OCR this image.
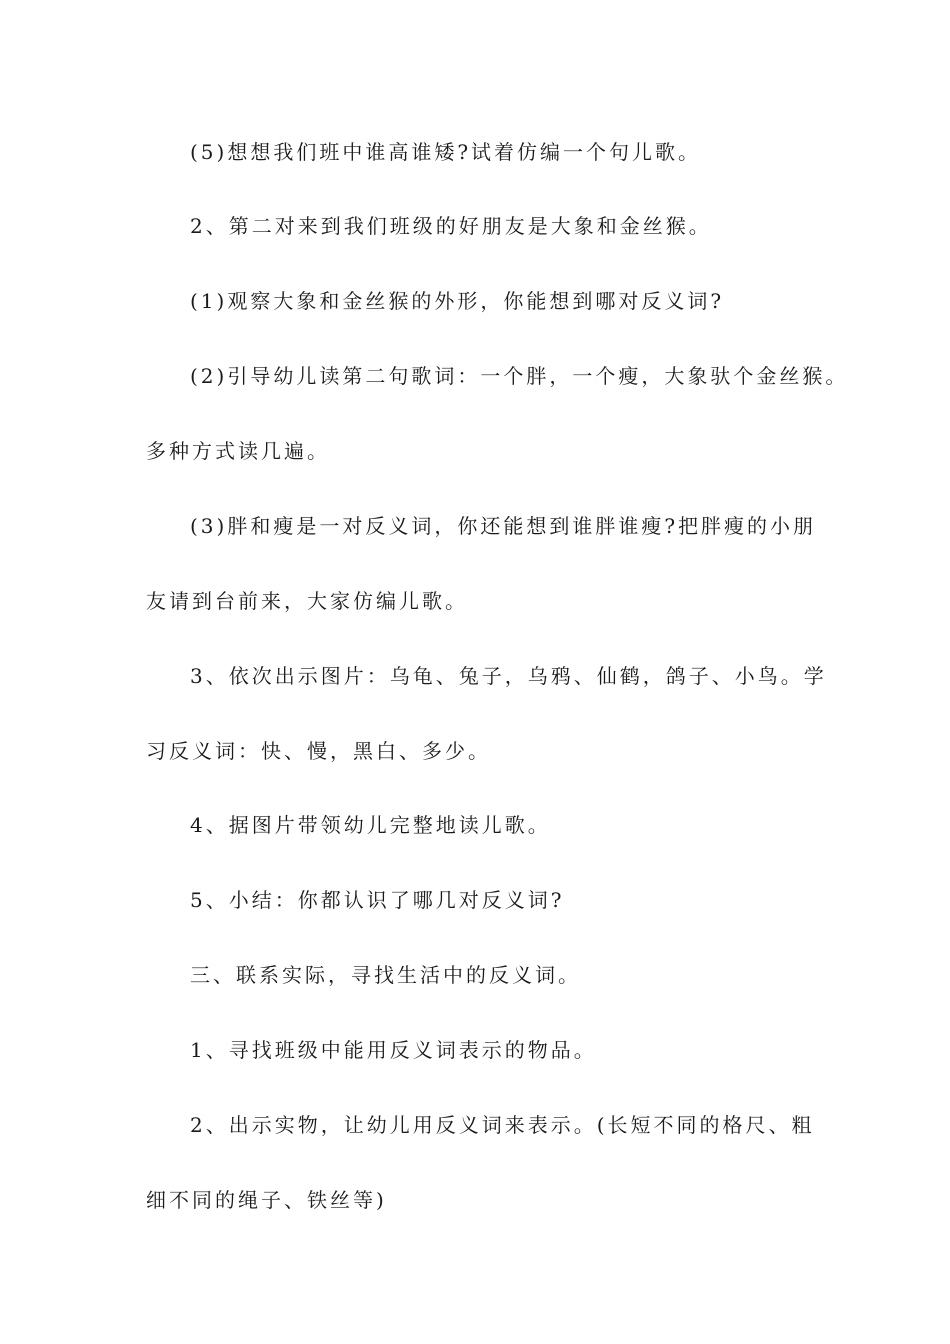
(5)想想我们班中谁高谁矮?试着仿编一个句儿歌。

2、第二对来到我们班级的好朋友是大象和金丝猴。

(1)观察大象和金丝猴的外形，你能想到哪对反义词?

(2)引导幼儿读第二句歌词：一个胖，一个瘦，大象驮个金丝猴。

多种方式读几遍。

(3)胖和瘦是一对反义词，你还能想到谁胖谁瘦?把胖瘦的小朋

友请到台前来，大家仿编儿歌。

3、依次出示图片：乌龟、兔子，乌鸦、仙鹤，鸽子、小鸟。学

习反义词：快、慢，黑白、多少。

4、据图片带领幼儿完整地读儿歌。

5、小结：你都认识了哪几对反义词?

三、联系实际，寻找生活中的反义词。

1、寻找班级中能用反义词表示的物品。

2、出示实物，让幼儿用反义词来表示。(长短不同的格尺、粗

细不同的绳子、铁丝等)
